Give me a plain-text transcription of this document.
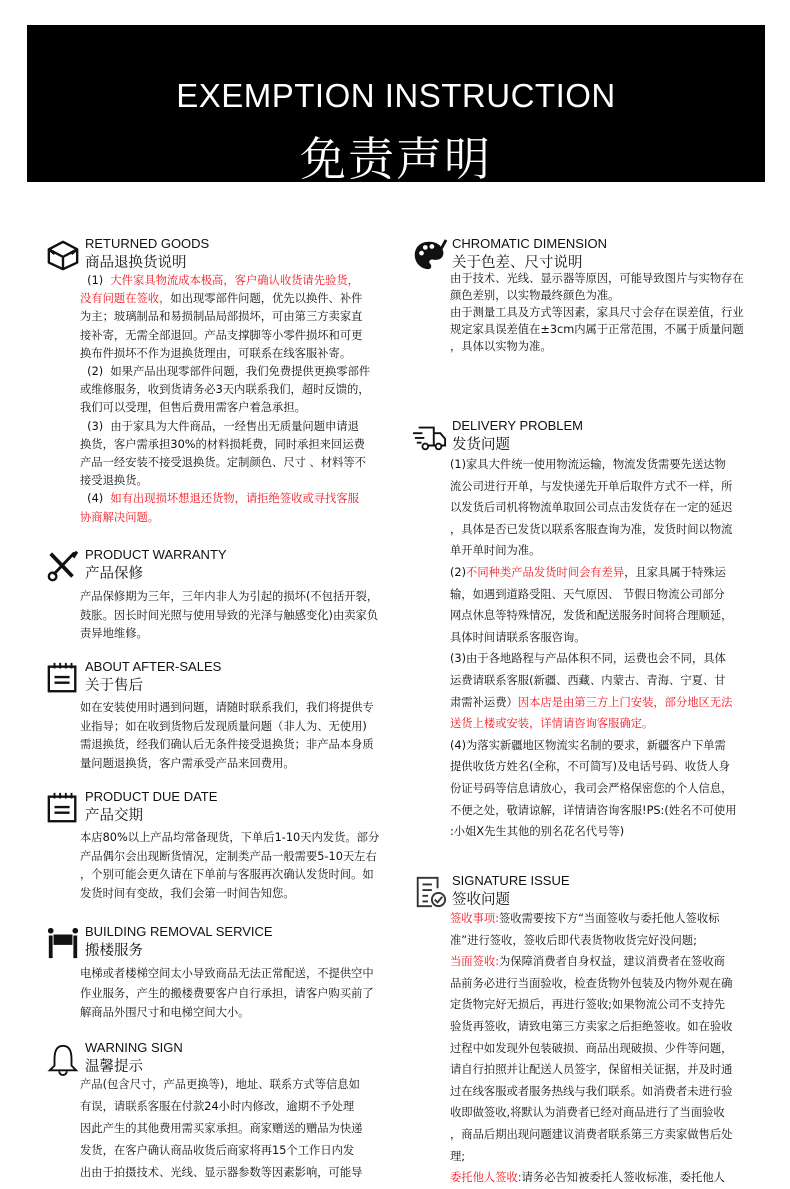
EXEMPTION INSTRUCTION
免责声明
RETURNED GOODS
商品退换货说明
(1)  大件家具物流成本极高，客户确认收货请先验货，
没有问题在签收，如出现零部件问题，优先以换件、补件
为主；玻璃制品和易损制品局部损坏，可由第三方卖家直
接补寄，无需全部退回。产品支撑脚等小零件损坏和可更
换布件损坏不作为退换货理由，可联系在线客服补寄。
(2)  如果产品出现零部件问题，我们免费提供更换零部件
或维修服务，收到货请务必3天内联系我们，超时反馈的，
我们可以受理，但售后费用需客户着急承担。
(3)  由于家具为大件商品，一经售出无质量问题申请退
换货，客户需承担30%的材料损耗费，同时承担来回运费
产品一经安装不接受退换货。定制颜色、尺寸 、材料等不
接受退换货。
(4)  如有出现损坏想退还货物，请拒绝签收或寻找客服
协商解决问题。
PRODUCT WARRANTY
产品保修
产品保修期为三年，三年内非人为引起的损坏(不包括开裂，
鼓胀。因长时间光照与使用导致的光泽与触感变化)由卖家负
责异地维修。
ABOUT AFTER-SALES
关于售后
如在安装使用时遇到问题，请随时联系我们，我们将提供专
业指导；如在收到货物后发现质量问题（非人为、无使用)
需退换货，经我们确认后无条件接受退换货；非产品本身质
量问题退换货，客户需承受产品来回费用。
PRODUCT DUE DATE
产品交期
本店80%以上产品均常备现货，下单后1-10天内发货。部分
产品偶尔会出现断货情况，定制类产品一般需要5-10天左右
，个别可能会更久请在下单前与客服再次确认发货时间。如
发货时间有变故，我们会第一时间告知您。
BUILDING REMOVAL SERVICE
搬楼服务
电梯或者楼梯空间太小导致商品无法正常配送，不提供空中
作业服务，产生的搬楼费要客户自行承担，请客户购买前了
解商品外围尺寸和电梯空间大小。
WARNING SIGN
温馨提示
产品(包含尺寸，产品更换等)，地址、联系方式等信息如
有误，请联系客服在付款24小时内修改，逾期不予处理
因此产生的其他费用需买家承担。商家赠送的赠品为快递
发货，在客户确认商品收货后商家将再15个工作日内发
出由于拍摄技术、光线、显示器参数等因素影响，可能导
CHROMATIC DIMENSION
关于色差、尺寸说明
由于技术、光线、显示器等原因，可能导致图片与实物存在
颜色差别，以实物最终颜色为准。
由于测量工具及方式等因素，家具尺寸会存在误差值，行业
规定家具误差值在±3cm内属于正常范围，不属于质量问题
，具体以实物为准。
DELIVERY PROBLEM
发货问题
(1)家具大件统一使用物流运输，物流发货需要先送达物
流公司进行开单，与发快递先开单后取件方式不一样，所
以发货后司机将物流单取回公司点击发货存在一定的延迟
，具体是否已发货以联系客服查询为准，发货时间以物流
单开单时间为准。
(2)不同种类产品发货时间会有差异，且家具属于特殊运
输，如遇到道路受阻、天气原因、 节假日物流公司部分
网点休息等特殊情况，发货和配送服务时间将合理顺延，
具体时间请联系客服咨询。
(3)由于各地路程与产品体积不同，运费也会不同，具体
运费请联系客服(新疆、西藏、内蒙古、青海、宁夏、甘
肃需补运费）因本店是由第三方上门安装，部分地区无法
送货上楼或安装，详情请咨询客服确定。
(4)为落实新疆地区物流实名制的要求，新疆客户下单需
提供收货方姓名(全称，不可简写)及电话号码、收货人身
份证号码等信息请放心，我司会严格保密您的个人信息，
不便之处，敬请谅解，详情请咨询客服!PS:(姓名不可使用
:小姐X先生其他的别名花名代号等)
SIGNATURE ISSUE
签收问题
签收事项:签收需要按下方“当面签收与委托他人签收标
准”进行签收，签收后即代表货物收货完好没问题;
当面签收:为保障消费者自身权益，建议消费者在签收商
品前务必进行当面验收，检查货物外包装及内物外观在确
定货物完好无损后，再进行签收;如果物流公司不支持先
验货再签收，请致电第三方卖家之后拒绝签收。如在验收
过程中如发现外包装破损、商品出现破损、少件等问题，
请自行拍照并让配送人员签字，保留相关证据，并及时通
过在线客服或者服务热线与我们联系。如消费者未进行验
收即做签收,将默认为消费者已经对商品进行了当面验收
，商品后期出现问题建议消费者联系第三方卖家做售后处
理;
委托他人签收:请务必告知被委托人签收标准，委托他人
